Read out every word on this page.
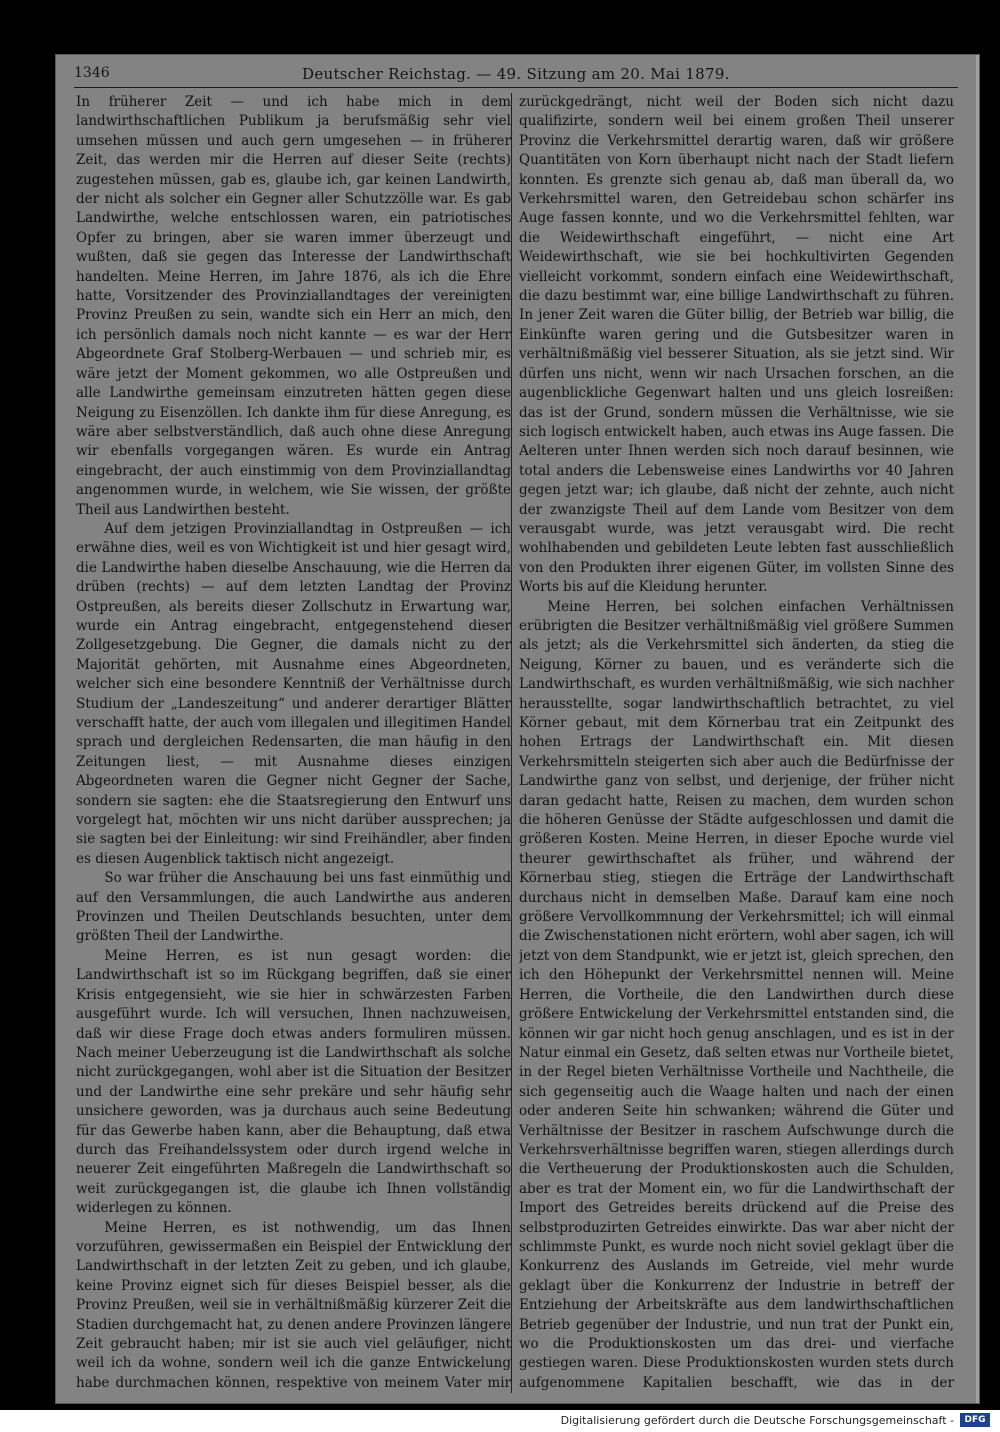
1346	Deutscher Reichstag. — 49. Sitzung am 20. Mai 1879.

In früherer Zeit — und ich habe mich in dem landwirthschaftlichen Publikum ja berufsmäßig sehr viel umsehen müssen und auch gern umgesehen — in früherer Zeit, das werden mir die Herren auf dieser Seite (rechts) zugestehen müssen, gab es, glaube ich, gar keinen Landwirth, der nicht als solcher ein Gegner aller Schutzzölle war. Es gab Landwirthe, welche entschlossen waren, ein patriotisches Opfer zu bringen, aber sie waren immer überzeugt und wußten, daß sie gegen das Interesse der Landwirthschaft handelten. Meine Herren, im Jahre 1876, als ich die Ehre hatte, Vorsitzender des Provinziallandtages der vereinigten Provinz Preußen zu sein, wandte sich ein Herr an mich, den ich persönlich damals noch nicht kannte — es war der Herr Abgeordnete Graf Stolberg-Werbauen — und schrieb mir, es wäre jetzt der Moment gekommen, wo alle Ostpreußen und alle Landwirthe gemeinsam einzutreten hätten gegen diese Neigung zu Eisenzöllen. Ich dankte ihm für diese Anregung, es wäre aber selbstverständlich, daß auch ohne diese Anregung wir ebenfalls vorgegangen wären. Es wurde ein Antrag eingebracht, der auch einstimmig von dem Provinziallandtag angenommen wurde, in welchem, wie Sie wissen, der größte Theil aus Landwirthen besteht.

Auf dem jetzigen Provinziallandtag in Ostpreußen — ich erwähne dies, weil es von Wichtigkeit ist und hier gesagt wird, die Landwirthe haben dieselbe Anschauung, wie die Herren da drüben (rechts) — auf dem letzten Landtag der Provinz Ostpreußen, als bereits dieser Zollschutz in Erwartung war, wurde ein Antrag eingebracht, entgegenstehend dieser Zollgesetzgebung. Die Gegner, die damals nicht zu der Majorität gehörten, mit Ausnahme eines Abgeordneten, welcher sich eine besondere Kenntniß der Verhältnisse durch Studium der „Landeszeitung“ und anderer derartiger Blätter verschafft hatte, der auch vom illegalen und illegitimen Handel sprach und dergleichen Redensarten, die man häufig in den Zeitungen liest, — mit Ausnahme dieses einzigen Abgeordneten waren die Gegner nicht Gegner der Sache, sondern sie sagten: ehe die Staatsregierung den Entwurf uns vorgelegt hat, möchten wir uns nicht darüber aussprechen; ja sie sagten bei der Einleitung: wir sind Freihändler, aber finden es diesen Augenblick taktisch nicht angezeigt.

So war früher die Anschauung bei uns fast einmüthig und auf den Versammlungen, die auch Landwirthe aus anderen Provinzen und Theilen Deutschlands besuchten, unter dem größten Theil der Landwirthe.

Meine Herren, es ist nun gesagt worden: die Landwirthschaft ist so im Rückgang begriffen, daß sie einer Krisis entgegensieht, wie sie hier in schwärzesten Farben ausgeführt wurde. Ich will versuchen, Ihnen nachzuweisen, daß wir diese Frage doch etwas anders formuliren müssen. Nach meiner Ueberzeugung ist die Landwirthschaft als solche nicht zurückgegangen, wohl aber ist die Situation der Besitzer und der Landwirthe eine sehr prekäre und sehr häufig sehr unsichere geworden, was ja durchaus auch seine Bedeutung für das Gewerbe haben kann, aber die Behauptung, daß etwa durch das Freihandelssystem oder durch irgend welche in neuerer Zeit eingeführten Maßregeln die Landwirthschaft so weit zurückgegangen ist, die glaube ich Ihnen vollständig widerlegen zu können.

Meine Herren, es ist nothwendig, um das Ihnen vorzuführen, gewissermaßen ein Beispiel der Entwicklung der Landwirthschaft in der letzten Zeit zu geben, und ich glaube, keine Provinz eignet sich für dieses Beispiel besser, als die Provinz Preußen, weil sie in verhältnißmäßig kürzerer Zeit die Stadien durchgemacht hat, zu denen andere Provinzen längere Zeit gebraucht haben; mir ist sie auch viel geläufiger, nicht weil ich da wohne, sondern weil ich die ganze Entwickelung habe durchmachen können, respektive von meinem Vater mir

zurückgedrängt, nicht weil der Boden sich nicht dazu qualifizirte, sondern weil bei einem großen Theil unserer Provinz die Verkehrsmittel derartig waren, daß wir größere Quantitäten von Korn überhaupt nicht nach der Stadt liefern konnten. Es grenzte sich genau ab, daß man überall da, wo Verkehrsmittel waren, den Getreidebau schon schärfer ins Auge fassen konnte, und wo die Verkehrsmittel fehlten, war die Weidewirthschaft eingeführt, — nicht eine Art Weidewirthschaft, wie sie bei hochkultivirten Gegenden vielleicht vorkommt, sondern einfach eine Weidewirthschaft, die dazu bestimmt war, eine billige Landwirthschaft zu führen. In jener Zeit waren die Güter billig, der Betrieb war billig, die Einkünfte waren gering und die Gutsbesitzer waren in verhältnißmäßig viel besserer Situation, als sie jetzt sind. Wir dürfen uns nicht, wenn wir nach Ursachen forschen, an die augenblickliche Gegenwart halten und uns gleich losreißen: das ist der Grund, sondern müssen die Verhältnisse, wie sie sich logisch entwickelt haben, auch etwas ins Auge fassen. Die Aelteren unter Ihnen werden sich noch darauf besinnen, wie total anders die Lebensweise eines Landwirths vor 40 Jahren gegen jetzt war; ich glaube, daß nicht der zehnte, auch nicht der zwanzigste Theil auf dem Lande vom Besitzer von dem verausgabt wurde, was jetzt verausgabt wird. Die recht wohlhabenden und gebildeten Leute lebten fast ausschließlich von den Produkten ihrer eigenen Güter, im vollsten Sinne des Worts bis auf die Kleidung herunter.

Meine Herren, bei solchen einfachen Verhältnissen erübrigten die Besitzer verhältnißmäßig viel größere Summen als jetzt; als die Verkehrsmittel sich änderten, da stieg die Neigung, Körner zu bauen, und es veränderte sich die Landwirthschaft, es wurden verhältnißmäßig, wie sich nachher herausstellte, sogar landwirthschaftlich betrachtet, zu viel Körner gebaut, mit dem Körnerbau trat ein Zeitpunkt des hohen Ertrags der Landwirthschaft ein. Mit diesen Verkehrsmitteln steigerten sich aber auch die Bedürfnisse der Landwirthe ganz von selbst, und derjenige, der früher nicht daran gedacht hatte, Reisen zu machen, dem wurden schon die höheren Genüsse der Städte aufgeschlossen und damit die größeren Kosten. Meine Herren, in dieser Epoche wurde viel theurer gewirthschaftet als früher, und während der Körnerbau stieg, stiegen die Erträge der Landwirthschaft durchaus nicht in demselben Maße. Darauf kam eine noch größere Vervollkommnung der Verkehrsmittel; ich will einmal die Zwischenstationen nicht erörtern, wohl aber sagen, ich will jetzt von dem Standpunkt, wie er jetzt ist, gleich sprechen, den ich den Höhepunkt der Verkehrsmittel nennen will. Meine Herren, die Vortheile, die den Landwirthen durch diese größere Entwickelung der Verkehrsmittel entstanden sind, die können wir gar nicht hoch genug anschlagen, und es ist in der Natur einmal ein Gesetz, daß selten etwas nur Vortheile bietet, in der Regel bieten Verhältnisse Vortheile und Nachtheile, die sich gegenseitig auch die Waage halten und nach der einen oder anderen Seite hin schwanken; während die Güter und Verhältnisse der Besitzer in raschem Aufschwunge durch die Verkehrsverhältnisse begriffen waren, stiegen allerdings durch die Vertheuerung der Produktionskosten auch die Schulden, aber es trat der Moment ein, wo für die Landwirthschaft der Import des Getreides bereits drückend auf die Preise des selbstproduzirten Getreides einwirkte. Das war aber nicht der schlimmste Punkt, es wurde noch nicht soviel geklagt über die Konkurrenz des Auslands im Getreide, viel mehr wurde geklagt über die Konkurrenz der Industrie in betreff der Entziehung der Arbeitskräfte aus dem landwirthschaftlichen Betrieb gegenüber der Industrie, und nun trat der Punkt ein, wo die Produktionskosten um das drei- und vierfache gestiegen waren. Diese Produktionskosten wurden stets durch aufgenommene Kapitalien beschafft, wie das in der

Digitalisierung gefördert durch die Deutsche Forschungsgemeinschaft -	DFG
